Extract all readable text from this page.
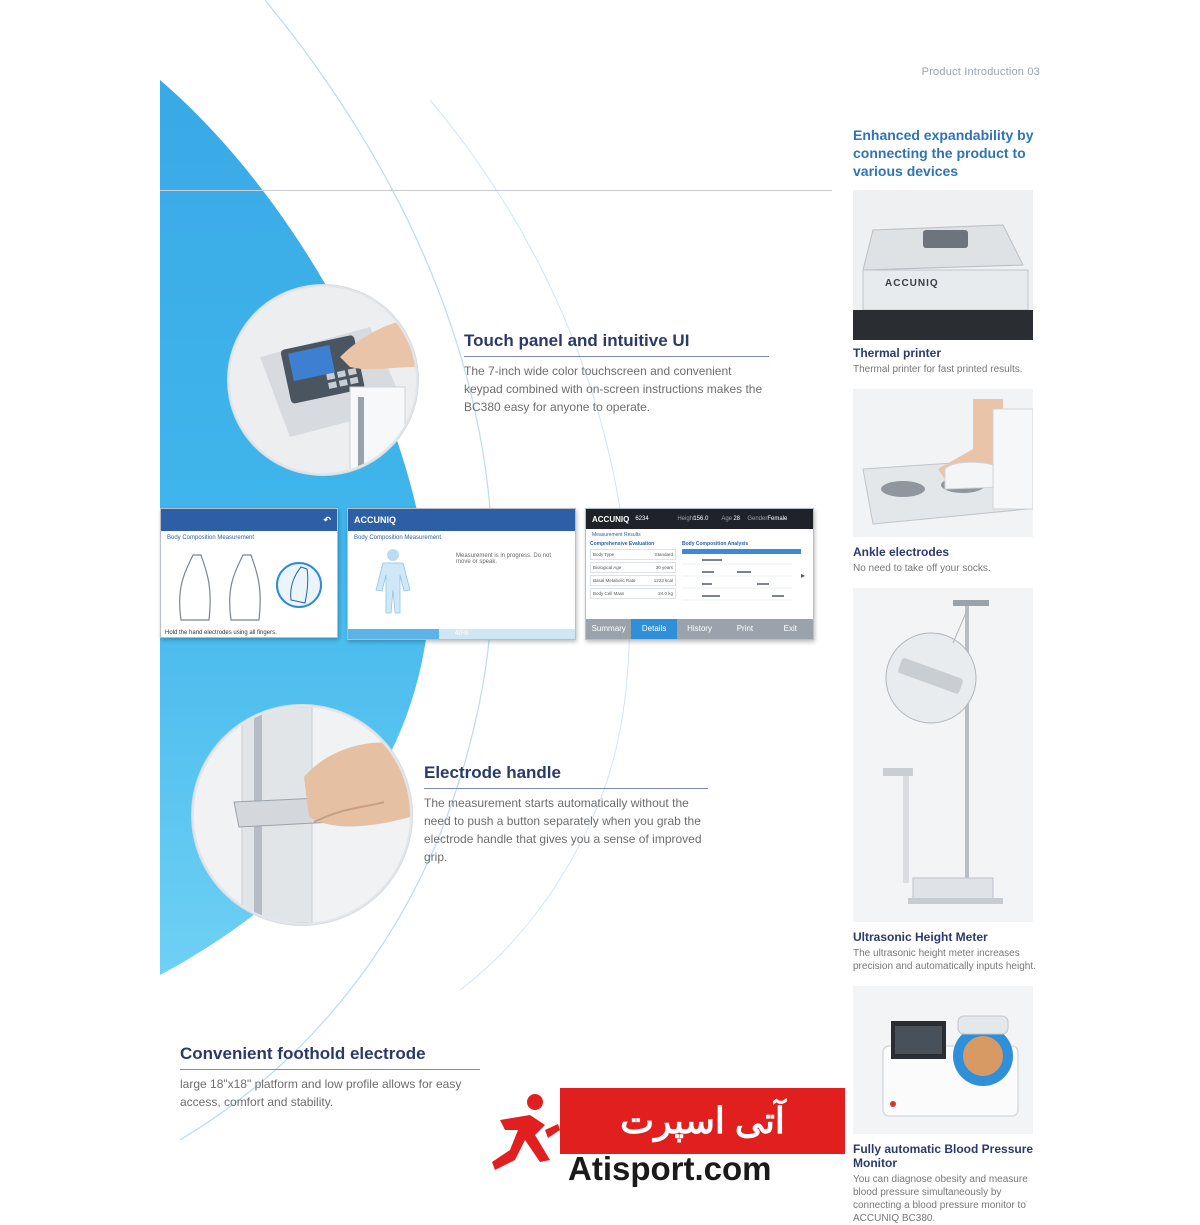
Product Introduction 03
Touch panel and intuitive UI
The 7-inch wide color touchscreen and convenient keypad combined with on-screen instructions makes the BC380 easy for anyone to operate.
↶
Body Composition Measurement
Hold the hand electrodes using all fingers.
ACCUNIQ
Body Composition Measurement
Measurement is in progress. Do not move or speak.
40%
ACCUNIQ	6234	Height
156.0	Age 28	Gender Female
Measurement Results
Comprehensive Evaluation
Body Type	Standard
Biological Age	30 years
Basal Metabolic Rate	1223 kcal
Body Cell Mass	24.0 kg
Body Composition Analysis
▸
Summary	Details	History	Print	Exit
Electrode handle
The measurement starts automatically without the need to push a button separately when you grab the electrode handle that gives you a sense of improved grip.
Convenient foothold electrode
large 18"x18" platform and low profile allows for easy access, comfort and stability.
Enhanced expandability by connecting the product to various devices
ACCUNIQ
Thermal printer
Thermal printer for fast printed results.
Ankle electrodes
No need to take off your socks.
Ultrasonic Height Meter
The ultrasonic height meter increases precision and automatically inputs height.
Fully automatic Blood Pressure Monitor
You can diagnose obesity and measure blood pressure simultaneously by connecting a blood pressure monitor to ACCUNIQ BC380.
آتی اسپرت
Atisport.com
